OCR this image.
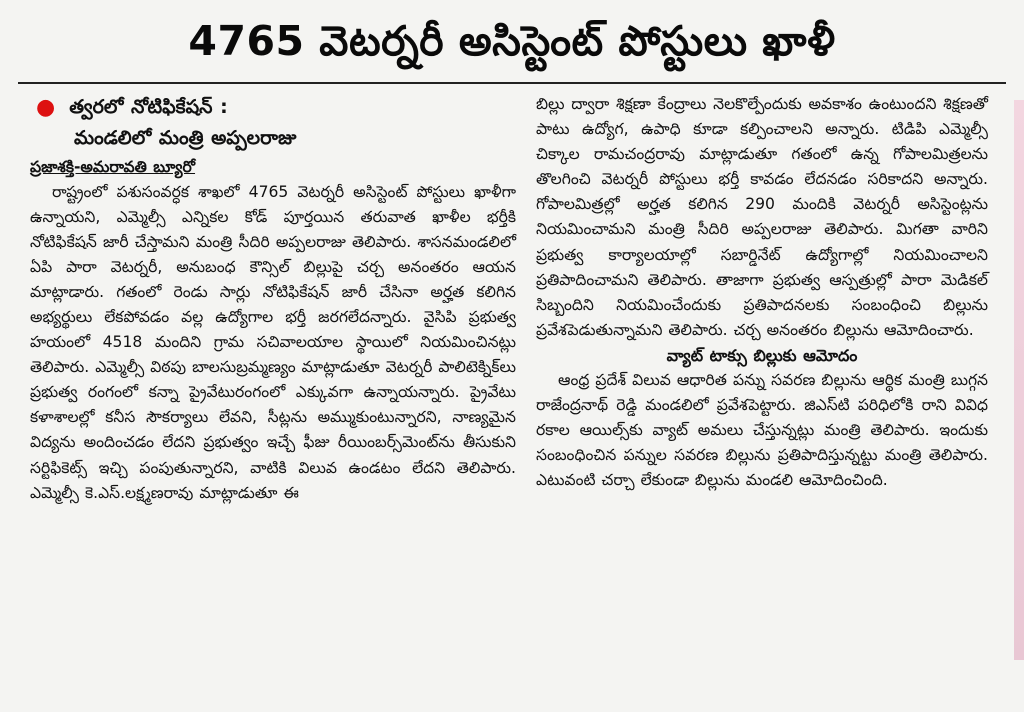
4765 వెటర్నరీ అసిస్టెంట్ పోస్టులు ఖాళీ
● త్వరలో నోటిఫికేషన్ :
మండలిలో మంత్రి అప్పలరాజు
ప్రజాశక్తి-అమరావతి బ్యూరో

రాష్ట్రంలో పశుసంవర్ధక శాఖలో 4765 వెటర్నరీ అసిస్టెంట్ పోస్టులు ఖాళీగా ఉన్నాయని, ఎమ్మెల్సీ ఎన్నికల కోడ్ పూర్తయిన తరువాత ఖాళీల భర్తీకి నోటిఫికేషన్ జారీ చేస్తామని మంత్రి సీదిరి అప్పలరాజు తెలిపారు. శాసనమండలిలో ఏపి పారా వెటర్నరీ, అనుబంధ కౌన్సిల్ బిల్లుపై చర్చ అనంతరం ఆయన మాట్లాడారు. గతంలో రెండు సార్లు నోటిఫికేషన్ జారీ చేసినా అర్హత కలిగిన అభ్యర్థులు లేకపోవడం వల్ల ఉద్యోగాల భర్తీ జరగలేదన్నారు. వైసిపి ప్రభుత్వ హయంలో 4518 మందిని గ్రామ సచివాలయాల స్థాయిలో నియమించినట్లు తెలిపారు. ఎమ్మెల్సీ విఠపు బాలసుబ్రమ్మణ్యం మాట్లాడుతూ వెటర్నరీ పాలిటెక్నిక్‌లు ప్రభుత్వ రంగంలో కన్నా ప్రైవేటురంగంలో ఎక్కువగా ఉన్నాయన్నారు. ప్రైవేటు కళాశాలల్లో కనీస సౌకర్యాలు లేవని, సీట్లను అమ్ముకుంటున్నారని, నాణ్యమైన విద్యను అందించడం లేదని ప్రభుత్వం ఇచ్చే ఫీజు రీయింబర్స్‌మెంట్‌ను తీసుకుని సర్టిఫికెట్స్ ఇచ్చి పంపుతున్నారని, వాటికి విలువ ఉండటం లేదని తెలిపారు. ఎమ్మెల్సీ కె.ఎస్.లక్ష్మణరావు మాట్లాడుతూ ఈ

బిల్లు ద్వారా శిక్షణా కేంద్రాలు నెలకొల్పేందుకు అవకాశం ఉంటుందని శిక్షణతో పాటు ఉద్యోగ, ఉపాధి కూడా కల్పించాలని అన్నారు. టిడిపి ఎమ్మెల్సీ చిక్కాల రామచంద్రరావు మాట్లాడుతూ గతంలో ఉన్న గోపాలమిత్రలను తొలగించి వెటర్నరీ పోస్టులు భర్తీ కావడం లేదనడం సరికాదని అన్నారు. గోపాలమిత్రల్లో అర్హత కలిగిన 290 మందికి వెటర్నరీ అసిస్టెంట్లను నియమించామని మంత్రి సీదిరి అప్పలరాజు తెలిపారు. మిగతా వారిని ప్రభుత్వ కార్యాలయాల్లో సబార్డినేట్ ఉద్యోగాల్లో నియమించాలని ప్రతిపాదించామని తెలిపారు. తాజాగా ప్రభుత్వ ఆస్పత్రుల్లో పారా మెడికల్ సిబ్బందిని నియమించేందుకు ప్రతిపాదనలకు సంబంధించి బిల్లును ప్రవేశపెడుతున్నామని తెలిపారు. చర్చ అనంతరం బిల్లును ఆమోదించారు.

వ్యాట్ టాక్సు బిల్లుకు ఆమోదం

ఆంధ్ర ప్రదేశ్ విలువ ఆధారిత పన్ను సవరణ బిల్లును ఆర్థిక మంత్రి బుగ్గన రాజేంద్రనాథ్ రెడ్డి మండలిలో ప్రవేశపెట్టారు. జిఎస్‌టి పరిధిలోకి రాని వివిధ రకాల ఆయిల్స్‌కు వ్యాట్ అమలు చేస్తున్నట్లు మంత్రి తెలిపారు. ఇందుకు సంబంధించిన పన్నుల సవరణ బిల్లును ప్రతిపాదిస్తున్నట్టు మంత్రి తెలిపారు. ఎటువంటి చర్చా లేకుండా బిల్లును మండలి ఆమోదించింది.
